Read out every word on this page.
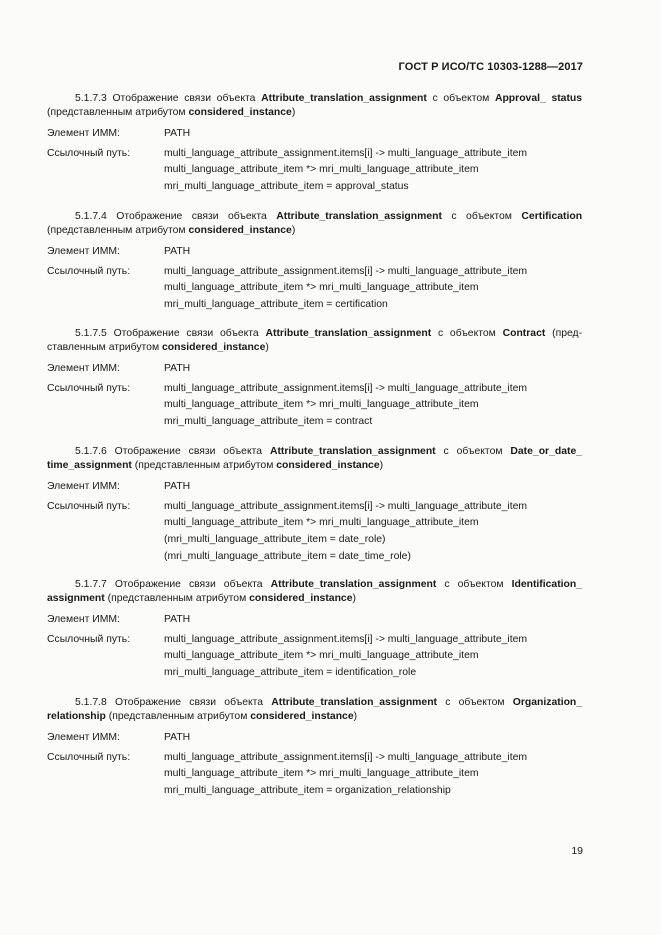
ГОСТ Р ИСО/ТС 10303-1288—2017
5.1.7.3 Отображение связи объекта Attribute_translation_assignment с объектом Approval_ status (представленным атрибутом considered_instance)
Элемент ИММ:	PATH
Ссылочный путь:	multi_language_attribute_assignment.items[i] -> multi_language_attribute_item
multi_language_attribute_item *> mri_multi_language_attribute_item
mri_multi_language_attribute_item = approval_status
5.1.7.4 Отображение связи объекта Attribute_translation_assignment с объектом Certification (представленным атрибутом considered_instance)
Элемент ИММ:	PATH
Ссылочный путь:	multi_language_attribute_assignment.items[i] -> multi_language_attribute_item
multi_language_attribute_item *> mri_multi_language_attribute_item
mri_multi_language_attribute_item = certification
5.1.7.5 Отображение связи объекта Attribute_translation_assignment с объектом Contract (пред-ставленным атрибутом considered_instance)
Элемент ИММ:	PATH
Ссылочный путь:	multi_language_attribute_assignment.items[i] -> multi_language_attribute_item
multi_language_attribute_item *> mri_multi_language_attribute_item
mri_multi_language_attribute_item = contract
5.1.7.6 Отображение связи объекта Attribute_translation_assignment с объектом Date_or_date_ time_assignment (представленным атрибутом considered_instance)
Элемент ИММ:	PATH
Ссылочный путь:	multi_language_attribute_assignment.items[i] -> multi_language_attribute_item
multi_language_attribute_item *> mri_multi_language_attribute_item
(mri_multi_language_attribute_item = date_role)
(mri_multi_language_attribute_item = date_time_role)
5.1.7.7 Отображение связи объекта Attribute_translation_assignment с объектом Identification_ assignment (представленным атрибутом considered_instance)
Элемент ИММ:	PATH
Ссылочный путь:	multi_language_attribute_assignment.items[i] -> multi_language_attribute_item
multi_language_attribute_item *> mri_multi_language_attribute_item
mri_multi_language_attribute_item = identification_role
5.1.7.8 Отображение связи объекта Attribute_translation_assignment с объектом Organization_ relationship (представленным атрибутом considered_instance)
Элемент ИММ:	PATH
Ссылочный путь:	multi_language_attribute_assignment.items[i] -> multi_language_attribute_item
multi_language_attribute_item *> mri_multi_language_attribute_item
mri_multi_language_attribute_item = organization_relationship
19
